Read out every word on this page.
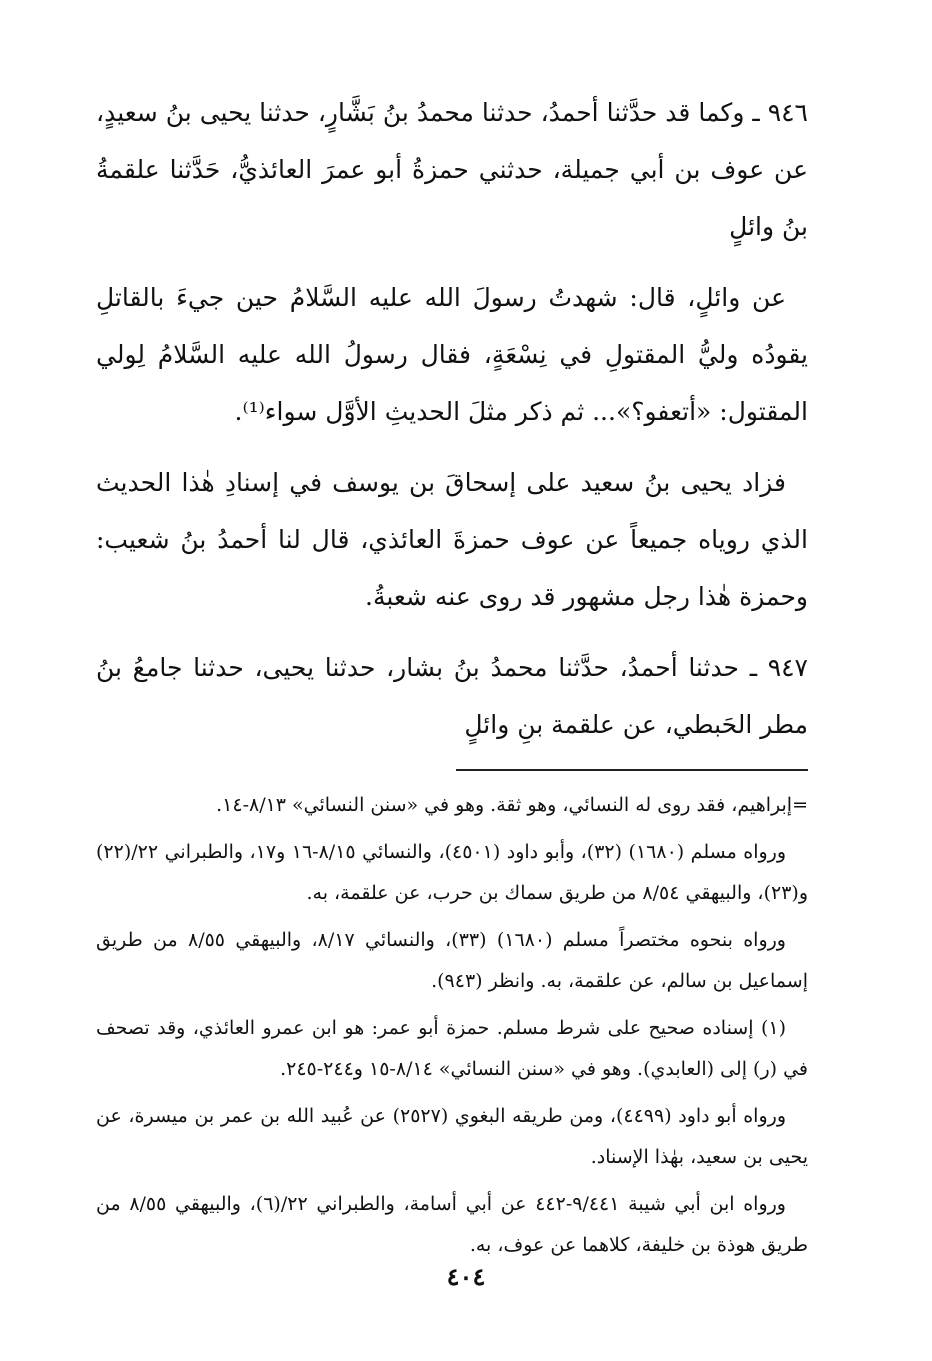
٩٤٦ ـ وكما قد حدَّثنا أحمدُ، حدثنا محمدُ بنُ بَشَّارٍ، حدثنا يحيى بنُ سعيدٍ، عن عوف بن أبي جميلة، حدثني حمزةُ أبو عمرَ العائذيُّ، حَدَّثنا علقمةُ بنُ وائلٍ

عن وائلٍ، قال: شهدتُ رسولَ الله عليه السَّلامُ حين جيءَ بالقاتلِ يقودُه وليُّ المقتولِ في نِسْعَةٍ، فقال رسولُ الله عليه السَّلامُ لِولي المقتول: «أتعفو؟»... ثم ذكر مثلَ الحديثِ الأوَّل سواء⁽¹⁾.

فزاد يحيى بنُ سعيد على إسحاقَ بن يوسف في إسنادِ هٰذا الحديث الذي روياه جميعاً عن عوف حمزةَ العائذي، قال لنا أحمدُ بنُ شعيب: وحمزة هٰذا رجل مشهور قد روى عنه شعبةُ.

٩٤٧ ـ حدثنا أحمدُ، حدَّثنا محمدُ بنُ بشار، حدثنا يحيى، حدثنا جامعُ بنُ مطر الحَبطي، عن علقمة بنِ وائلٍ

=إبراهيم، فقد روى له النسائي، وهو ثقة. وهو في «سنن النسائي» ٨/١٣-١٤.

ورواه مسلم (١٦٨٠) (٣٢)، وأبو داود (٤٥٠١)، والنسائي ٨/١٥-١٦ و١٧، والطبراني ٢٢/(٢٢) و(٢٣)، والبيهقي ٨/٥٤ من طريق سماك بن حرب، عن علقمة، به.

ورواه بنحوه مختصراً مسلم (١٦٨٠) (٣٣)، والنسائي ٨/١٧، والبيهقي ٨/٥٥ من طريق إسماعيل بن سالم، عن علقمة، به. وانظر (٩٤٣).

(١) إسناده صحيح على شرط مسلم. حمزة أبو عمر: هو ابن عمرو العائذي، وقد تصحف في (ر) إلى (العابدي). وهو في «سنن النسائي» ٨/١٤-١٥ و٢٤٤-٢٤٥.

ورواه أبو داود (٤٤٩٩)، ومن طريقه البغوي (٢٥٢٧) عن عُبيد الله بن عمر بن ميسرة، عن يحيى بن سعيد، بهٰذا الإسناد.

ورواه ابن أبي شيبة ٩/٤٤١-٤٤٢ عن أبي أسامة، والطبراني ٢٢/(٦)، والبيهقي ٨/٥٥ من طريق هوذة بن خليفة، كلاهما عن عوف، به.

٤٠٤
